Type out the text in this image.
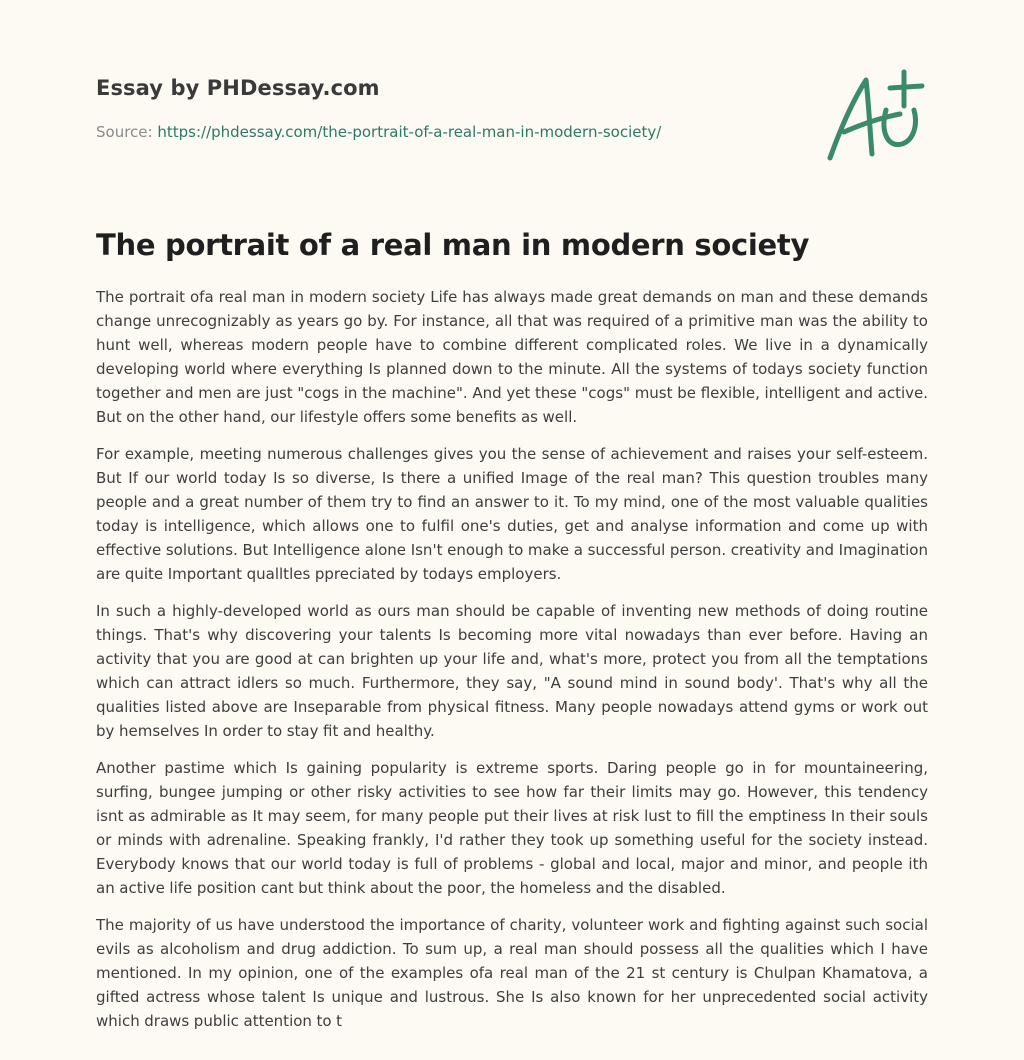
Essay by PHDessay.com
Source: https://phdessay.com/the-portrait-of-a-real-man-in-modern-society/
The portrait of a real man in modern society

The portrait ofa real man in modern society Life has always made great demands on man and these demands change unrecognizably as years go by. For instance, all that was required of a primitive man was the ability to hunt well, whereas modern people have to combine different complicated roles. We live in a dynamically developing world where everything Is planned down to the minute. All the systems of todays society function together and men are just "cogs in the machine". And yet these "cogs" must be flexible, intelligent and active. But on the other hand, our lifestyle offers some benefits as well.

For example, meeting numerous challenges gives you the sense of achievement and raises your self-esteem. But If our world today Is so diverse, Is there a unified Image of the real man? This question troubles many people and a great number of them try to find an answer to it. To my mind, one of the most valuable qualities today is intelligence, which allows one to fulfil one's duties, get and analyse information and come up with effective solutions. But Intelligence alone Isn't enough to make a successful person. creativity and Imagination are quite Important qualltles ppreciated by todays employers.

In such a highly-developed world as ours man should be capable of inventing new methods of doing routine things. That's why discovering your talents Is becoming more vital nowadays than ever before. Having an activity that you are good at can brighten up your life and, what's more, protect you from all the temptations which can attract idlers so much. Furthermore, they say, "A sound mind in sound body'. That's why all the qualities listed above are Inseparable from physical fitness. Many people nowadays attend gyms or work out by hemselves In order to stay fit and healthy.

Another pastime which Is gaining popularity is extreme sports. Daring people go in for mountaineering, surfing, bungee jumping or other risky activities to see how far their limits may go. However, this tendency isnt as admirable as It may seem, for many people put their lives at risk lust to fill the emptiness In their souls or minds with adrenaline. Speaking frankly, I'd rather they took up something useful for the society instead. Everybody knows that our world today is full of problems - global and local, major and minor, and people ith an active life position cant but think about the poor, the homeless and the disabled.

The majority of us have understood the importance of charity, volunteer work and fighting against such social evils as alcoholism and drug addiction. To sum up, a real man should possess all the qualities which I have mentioned. In my opinion, one of the examples ofa real man of the 21 st century is Chulpan Khamatova, a gifted actress whose talent Is unique and lustrous. She Is also known for her unprecedented social activity which draws public attention to t
